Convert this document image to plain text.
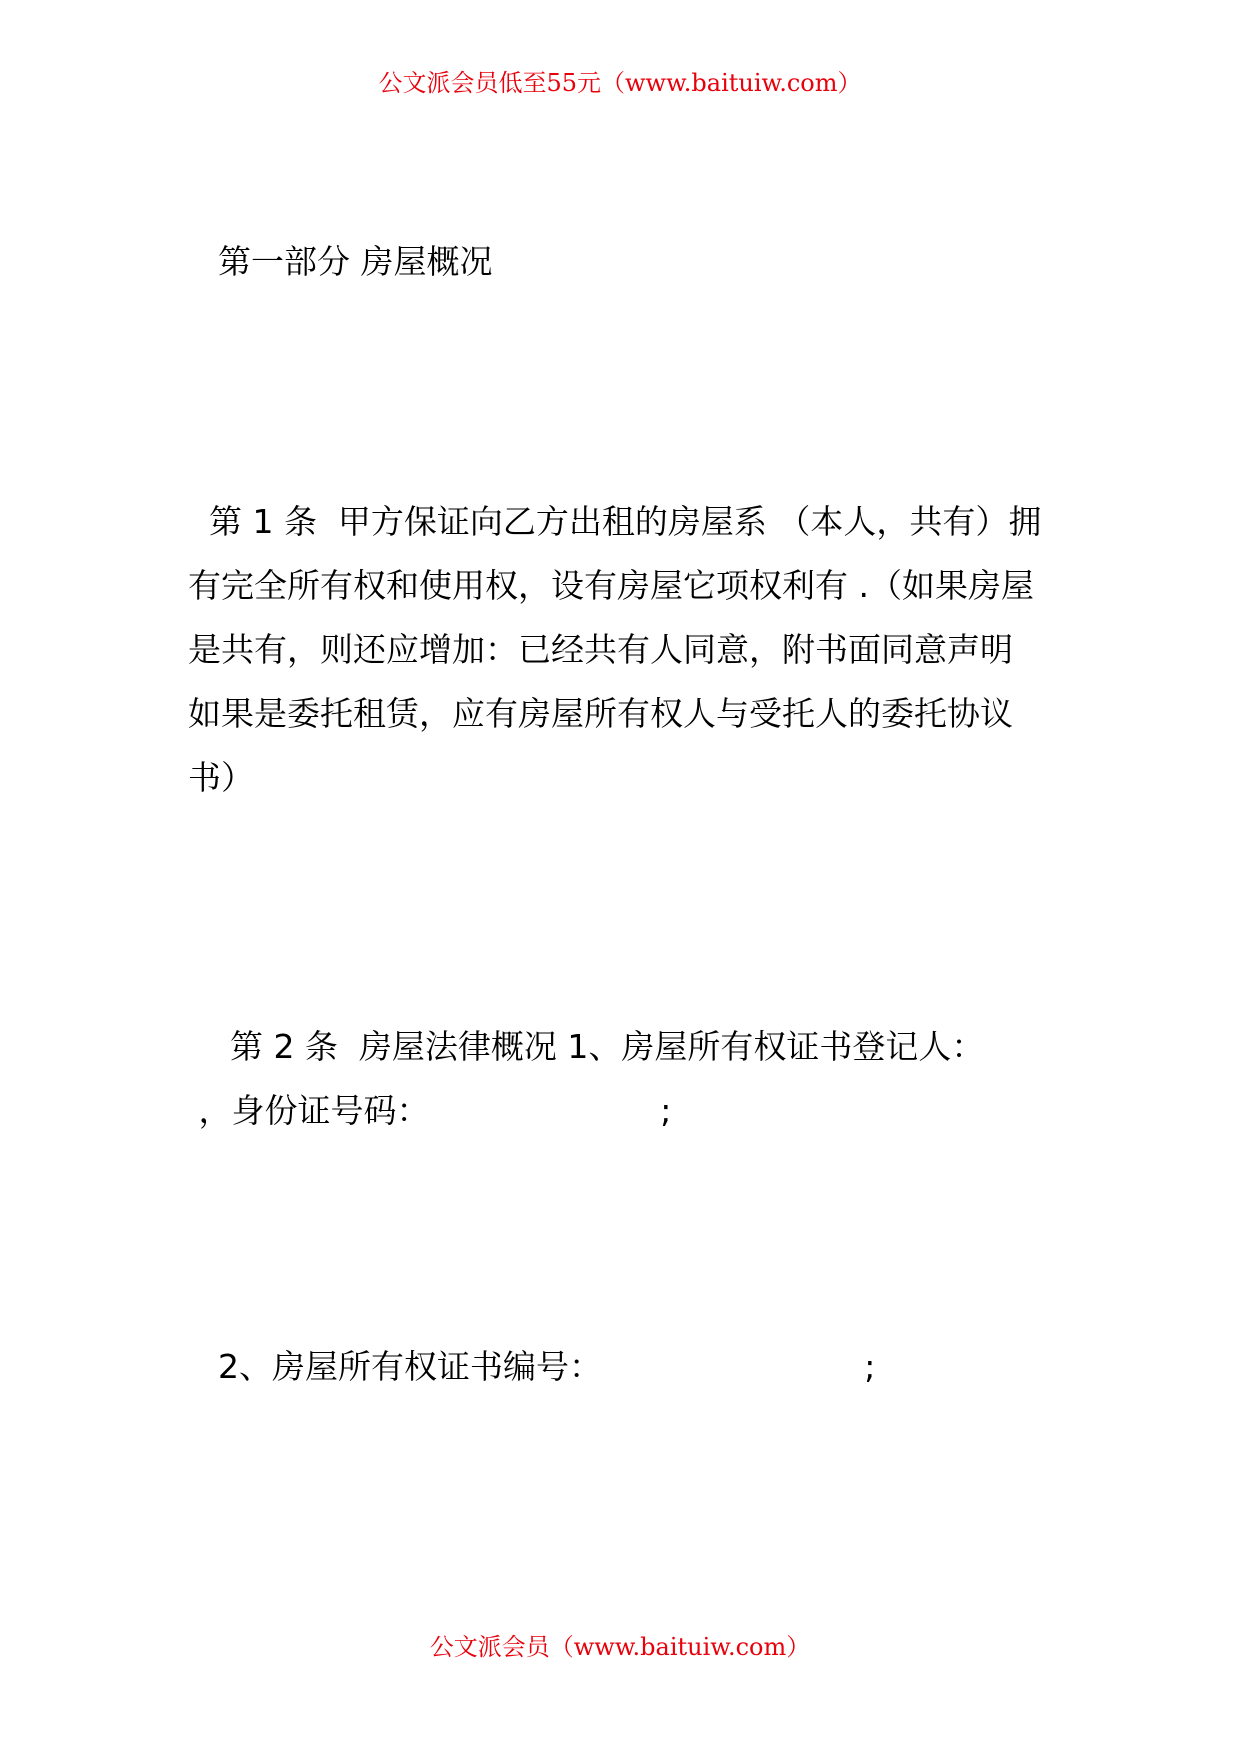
公文派会员低至55元（www.baituiw.com）
第一部分 房屋概况
第 1 条  甲方保证向乙方出租的房屋系 （本人，共有）拥
有完全所有权和使用权，设有房屋它项权利有 .（如果房屋
是共有，则还应增加：已经共有人同意，附书面同意声明
如果是委托租赁，应有房屋所有权人与受托人的委托协议
书）
第 2 条  房屋法律概况 1、房屋所有权证书登记人：
，身份证号码：                      ;
2、房屋所有权证书编号：                         ;
公文派会员（www.baituiw.com）
